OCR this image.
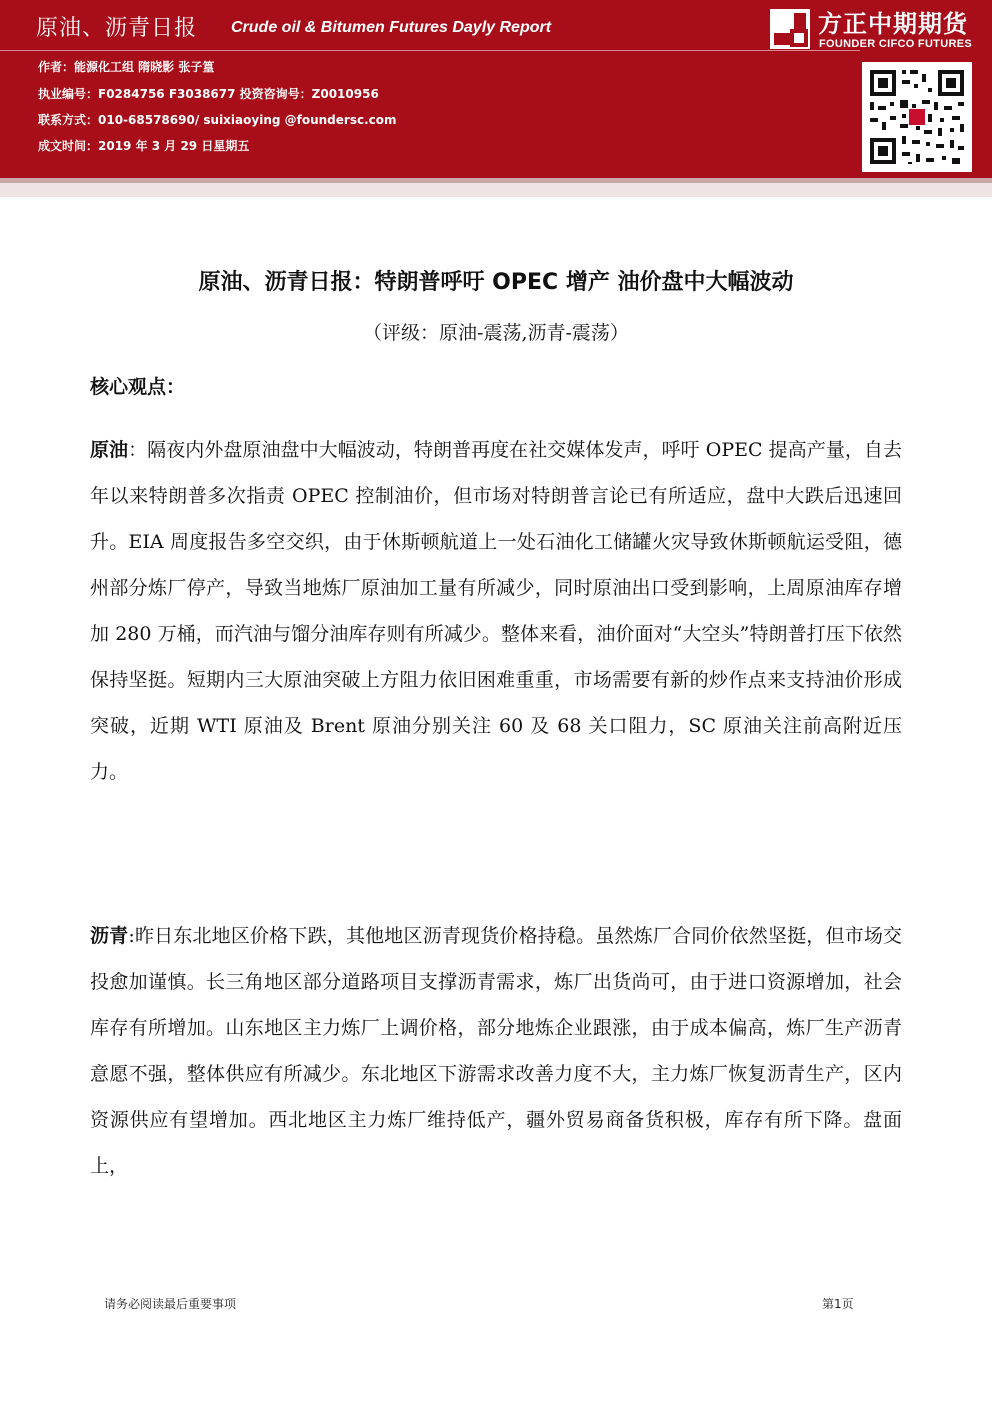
原油、沥青日报 Crude oil & Bitumen Futures Dayly Report	方正中期期货
FOUNDER CIFCO FUTURES
作者：能源化工组 隋晓影 张子篁
执业编号：F0284756 F3038677 投资咨询号：Z0010956
联系方式：010-68578690/ suixiaoying @foundersc.com
成文时间：2019 年 3 月 29 日星期五
原油、沥青日报：特朗普呼吁 OPEC 增产 油价盘中大幅波动
（评级：原油-震荡,沥青-震荡）
核心观点：
原油：隔夜内外盘原油盘中大幅波动，特朗普再度在社交媒体发声，呼吁 OPEC 提高产量，自去年以来特朗普多次指责 OPEC 控制油价，但市场对特朗普言论已有所适应，盘中大跌后迅速回升。EIA 周度报告多空交织，由于休斯顿航道上一处石油化工储罐火灾导致休斯顿航运受阻，德州部分炼厂停产，导致当地炼厂原油加工量有所减少，同时原油出口受到影响，上周原油库存增加 280 万桶，而汽油与馏分油库存则有所减少。整体来看，油价面对“大空头”特朗普打压下依然保持坚挺。短期内三大原油突破上方阻力依旧困难重重，市场需要有新的炒作点来支持油价形成突破，近期 WTI 原油及 Brent 原油分别关注 60 及 68 关口阻力，SC 原油关注前高附近压力。
沥青:昨日东北地区价格下跌，其他地区沥青现货价格持稳。虽然炼厂合同价依然坚挺，但市场交投愈加谨慎。长三角地区部分道路项目支撑沥青需求，炼厂出货尚可，由于进口资源增加，社会库存有所增加。山东地区主力炼厂上调价格，部分地炼企业跟涨，由于成本偏高，炼厂生产沥青意愿不强，整体供应有所减少。东北地区下游需求改善力度不大，主力炼厂恢复沥青生产，区内资源供应有望增加。西北地区主力炼厂维持低产，疆外贸易商备货积极，库存有所下降。盘面上，
请务必阅读最后重要事项	第1页
